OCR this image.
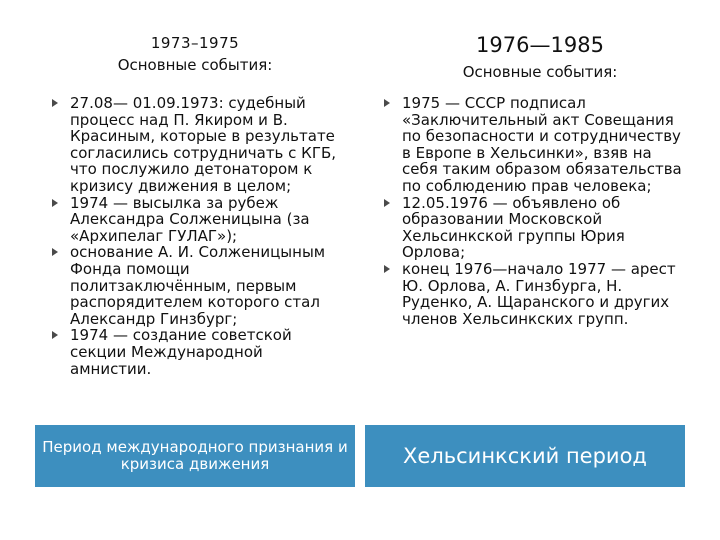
1973–1975
Основные события:
1976—1985
Основные события:
27.08— 01.09.1973: судебный процесс над П. Якиром и В. Красиным, которые в результате согласились сотрудничать с КГБ, что послужило детонатором к кризису движения в целом;
1974 — высылка за рубеж Александра Солженицына (за «Архипелаг ГУЛАГ»);
основание А. И. Солженицыным Фонда помощи политзаключённым, первым распорядителем которого стал Александр Гинзбург;
1974 — создание советской секции Международной амнистии.
1975 — СССР подписал «Заключительный акт Совещания по безопасности и сотрудничеству в Европе в Хельсинки», взяв на себя таким образом обязательства по соблюдению прав человека;
12.05.1976 — объявлено об образовании Московской Хельсинкской группы Юрия Орлова;
конец 1976—начало 1977 — арест Ю. Орлова, А. Гинзбурга, Н. Руденко, А. Щаранского и других членов Хельсинкских групп.
Период международного признания и кризиса движения	Хельсинкский период
